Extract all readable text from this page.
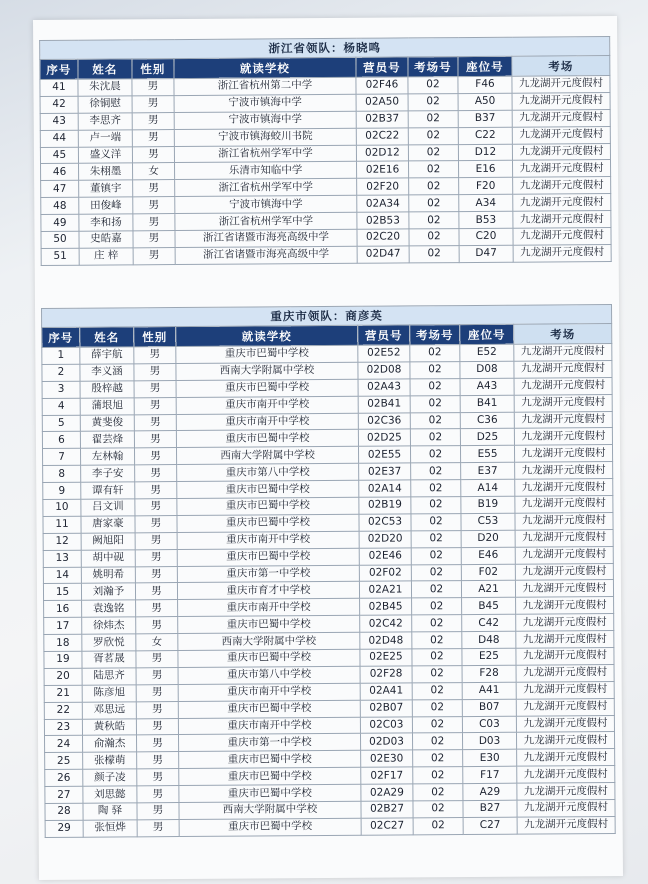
浙江省领队：杨晓鸣							
序号	姓名	性别	就读学校	营员号	考场号	座位号	考场
41	朱沈晨	男	浙江省杭州第二中学	02F46	02	F46	九龙湖开元度假村
42	徐铜慰	男	宁波市镇海中学	02A50	02	A50	九龙湖开元度假村
43	李思齐	男	宁波市镇海中学	02B37	02	B37	九龙湖开元度假村
44	卢一端	男	宁波市镇海蛟川书院	02C22	02	C22	九龙湖开元度假村
45	盛义洋	男	浙江省杭州学军中学	02D12	02	D12	九龙湖开元度假村
46	朱栩墨	女	乐清市知临中学	02E16	02	E16	九龙湖开元度假村
47	董镇宇	男	浙江省杭州学军中学	02F20	02	F20	九龙湖开元度假村
48	田俊峰	男	宁波市镇海中学	02A34	02	A34	九龙湖开元度假村
49	李和扬	男	浙江省杭州学军中学	02B53	02	B53	九龙湖开元度假村
50	史皓嘉	男	浙江省诸暨市海亮高级中学	02C20	02	C20	九龙湖开元度假村
51	庄 梓	男	浙江省诸暨市海亮高级中学	02D47	02	D47	九龙湖开元度假村
重庆市领队：商彦英							
序号	姓名	性别	就读学校	营员号	考场号	座位号	考场
1	薛宇航	男	重庆市巴蜀中学校	02E52	02	E52	九龙湖开元度假村
2	李义涵	男	西南大学附属中学校	02D08	02	D08	九龙湖开元度假村
3	殷梓越	男	重庆市巴蜀中学校	02A43	02	A43	九龙湖开元度假村
4	蒲垠旭	男	重庆市南开中学校	02B41	02	B41	九龙湖开元度假村
5	黄斐俊	男	重庆市南开中学校	02C36	02	C36	九龙湖开元度假村
6	翟芸烽	男	重庆市巴蜀中学校	02D25	02	D25	九龙湖开元度假村
7	左林翰	男	西南大学附属中学校	02E55	02	E55	九龙湖开元度假村
8	李子安	男	重庆市第八中学校	02E37	02	E37	九龙湖开元度假村
9	谭有轩	男	重庆市巴蜀中学校	02A14	02	A14	九龙湖开元度假村
10	吕文训	男	重庆市巴蜀中学校	02B19	02	B19	九龙湖开元度假村
11	唐家豪	男	重庆市巴蜀中学校	02C53	02	C53	九龙湖开元度假村
12	阙旭阳	男	重庆市南开中学校	02D20	02	D20	九龙湖开元度假村
13	胡中砚	男	重庆市巴蜀中学校	02E46	02	E46	九龙湖开元度假村
14	姚明希	男	重庆市第一中学校	02F02	02	F02	九龙湖开元度假村
15	刘瀚予	男	重庆市育才中学校	02A21	02	A21	九龙湖开元度假村
16	袁逸铭	男	重庆市南开中学校	02B45	02	B45	九龙湖开元度假村
17	徐炜杰	男	重庆市巴蜀中学校	02C42	02	C42	九龙湖开元度假村
18	罗欣悦	女	西南大学附属中学校	02D48	02	D48	九龙湖开元度假村
19	胥茗晟	男	重庆市巴蜀中学校	02E25	02	E25	九龙湖开元度假村
20	陆思齐	男	重庆市第八中学校	02F28	02	F28	九龙湖开元度假村
21	陈彦旭	男	重庆市南开中学校	02A41	02	A41	九龙湖开元度假村
22	邓思远	男	重庆市巴蜀中学校	02B07	02	B07	九龙湖开元度假村
23	黄秋皓	男	重庆市南开中学校	02C03	02	C03	九龙湖开元度假村
24	俞瀚杰	男	重庆市第一中学校	02D03	02	D03	九龙湖开元度假村
25	张檬萌	男	重庆市巴蜀中学校	02E30	02	E30	九龙湖开元度假村
26	颜子凌	男	重庆市巴蜀中学校	02F17	02	F17	九龙湖开元度假村
27	刘思懿	男	重庆市巴蜀中学校	02A29	02	A29	九龙湖开元度假村
28	陶 驿	男	西南大学附属中学校	02B27	02	B27	九龙湖开元度假村
29	张恒烨	男	重庆市巴蜀中学校	02C27	02	C27	九龙湖开元度假村
